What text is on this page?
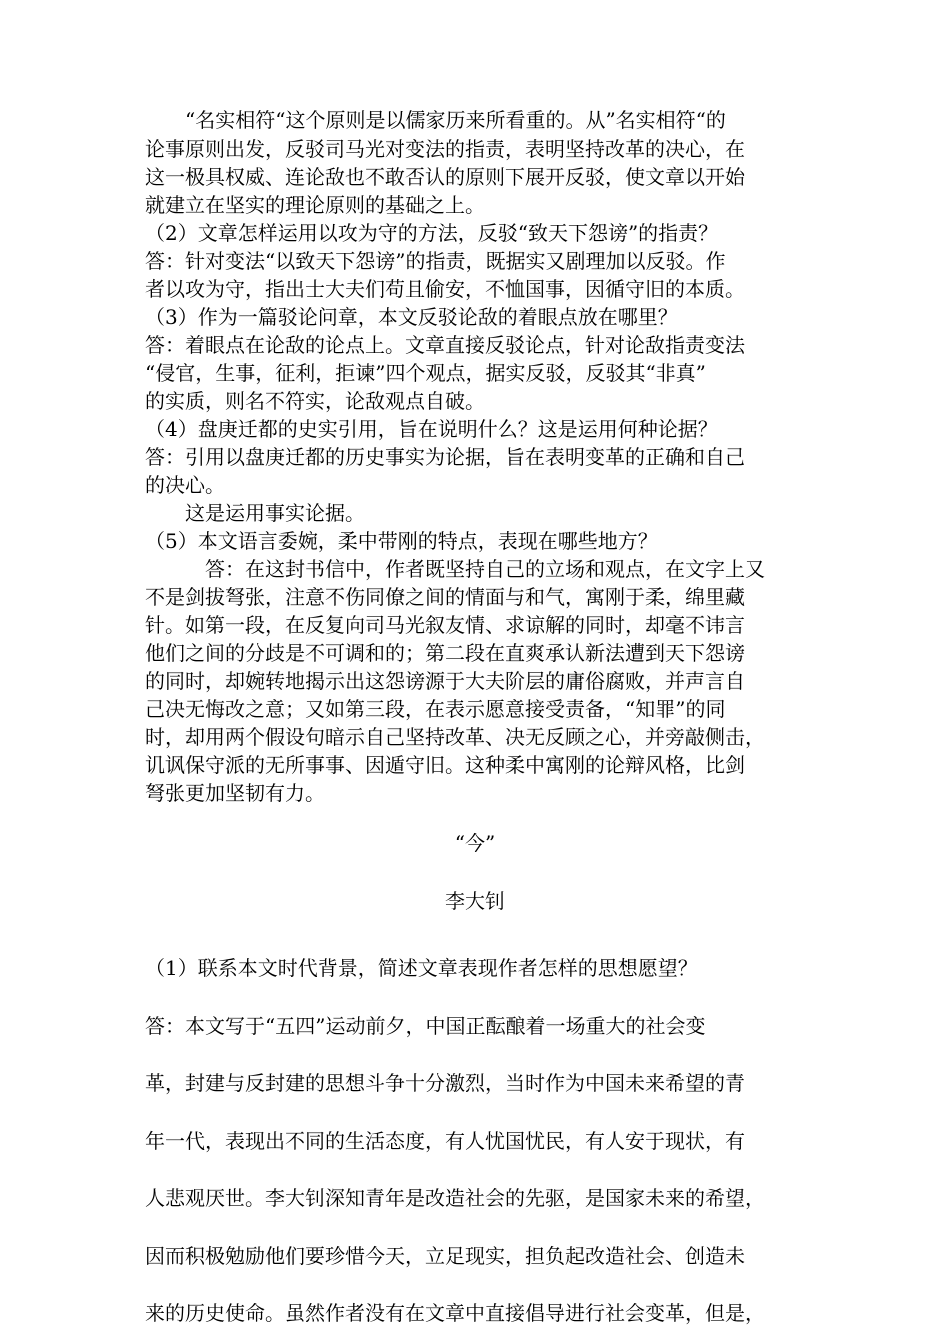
　　“名实相符“这个原则是以儒家历来所看重的。从”名实相符“的
论事原则出发，反驳司马光对变法的指责，表明坚持改革的决心，在
这一极具权威、连论敌也不敢否认的原则下展开反驳，使文章以开始
就建立在坚实的理论原则的基础之上。
（2）文章怎样运用以攻为守的方法，反驳“致天下怨谤”的指责？
答：针对变法“以致天下怨谤”的指责，既据实又剧理加以反驳。作
者以攻为守，指出士大夫们苟且偷安，不恤国事，因循守旧的本质。
（3）作为一篇驳论问章，本文反驳论敌的着眼点放在哪里？
答：着眼点在论敌的论点上。文章直接反驳论点，针对论敌指责变法
“侵官，生事，征利，拒谏”四个观点，据实反驳，反驳其“非真”
的实质，则名不符实，论敌观点自破。
（4）盘庚迁都的史实引用，旨在说明什么？这是运用何种论据？
答：引用以盘庚迁都的历史事实为论据，旨在表明变革的正确和自己
的决心。
　　这是运用事实论据。
（5）本文语言委婉，柔中带刚的特点，表现在哪些地方？
　　　答：在这封书信中，作者既坚持自己的立场和观点，在文字上又
不是剑拔弩张，注意不伤同僚之间的情面与和气，寓刚于柔，绵里藏
针。如第一段，在反复向司马光叙友情、求谅解的同时，却毫不讳言
他们之间的分歧是不可调和的；第二段在直爽承认新法遭到天下怨谤
的同时，却婉转地揭示出这怨谤源于大夫阶层的庸俗腐败，并声言自
己决无悔改之意；又如第三段，在表示愿意接受责备，“知罪”的同
时，却用两个假设句暗示自己坚持改革、决无反顾之心，并旁敲侧击，
讥讽保守派的无所事事、因遁守旧。这种柔中寓刚的论辩风格，比剑
弩张更加坚韧有力。
“今”
李大钊
（1）联系本文时代背景，简述文章表现作者怎样的思想愿望？
答：本文写于“五四”运动前夕，中国正酝酿着一场重大的社会变
革，封建与反封建的思想斗争十分激烈，当时作为中国未来希望的青
年一代，表现出不同的生活态度，有人忧国忧民，有人安于现状，有
人悲观厌世。李大钊深知青年是改造社会的先驱，是国家未来的希望，
因而积极勉励他们要珍惜今天，立足现实，担负起改造社会、创造未
来的历史使命。虽然作者没有在文章中直接倡导进行社会变革，但是，
